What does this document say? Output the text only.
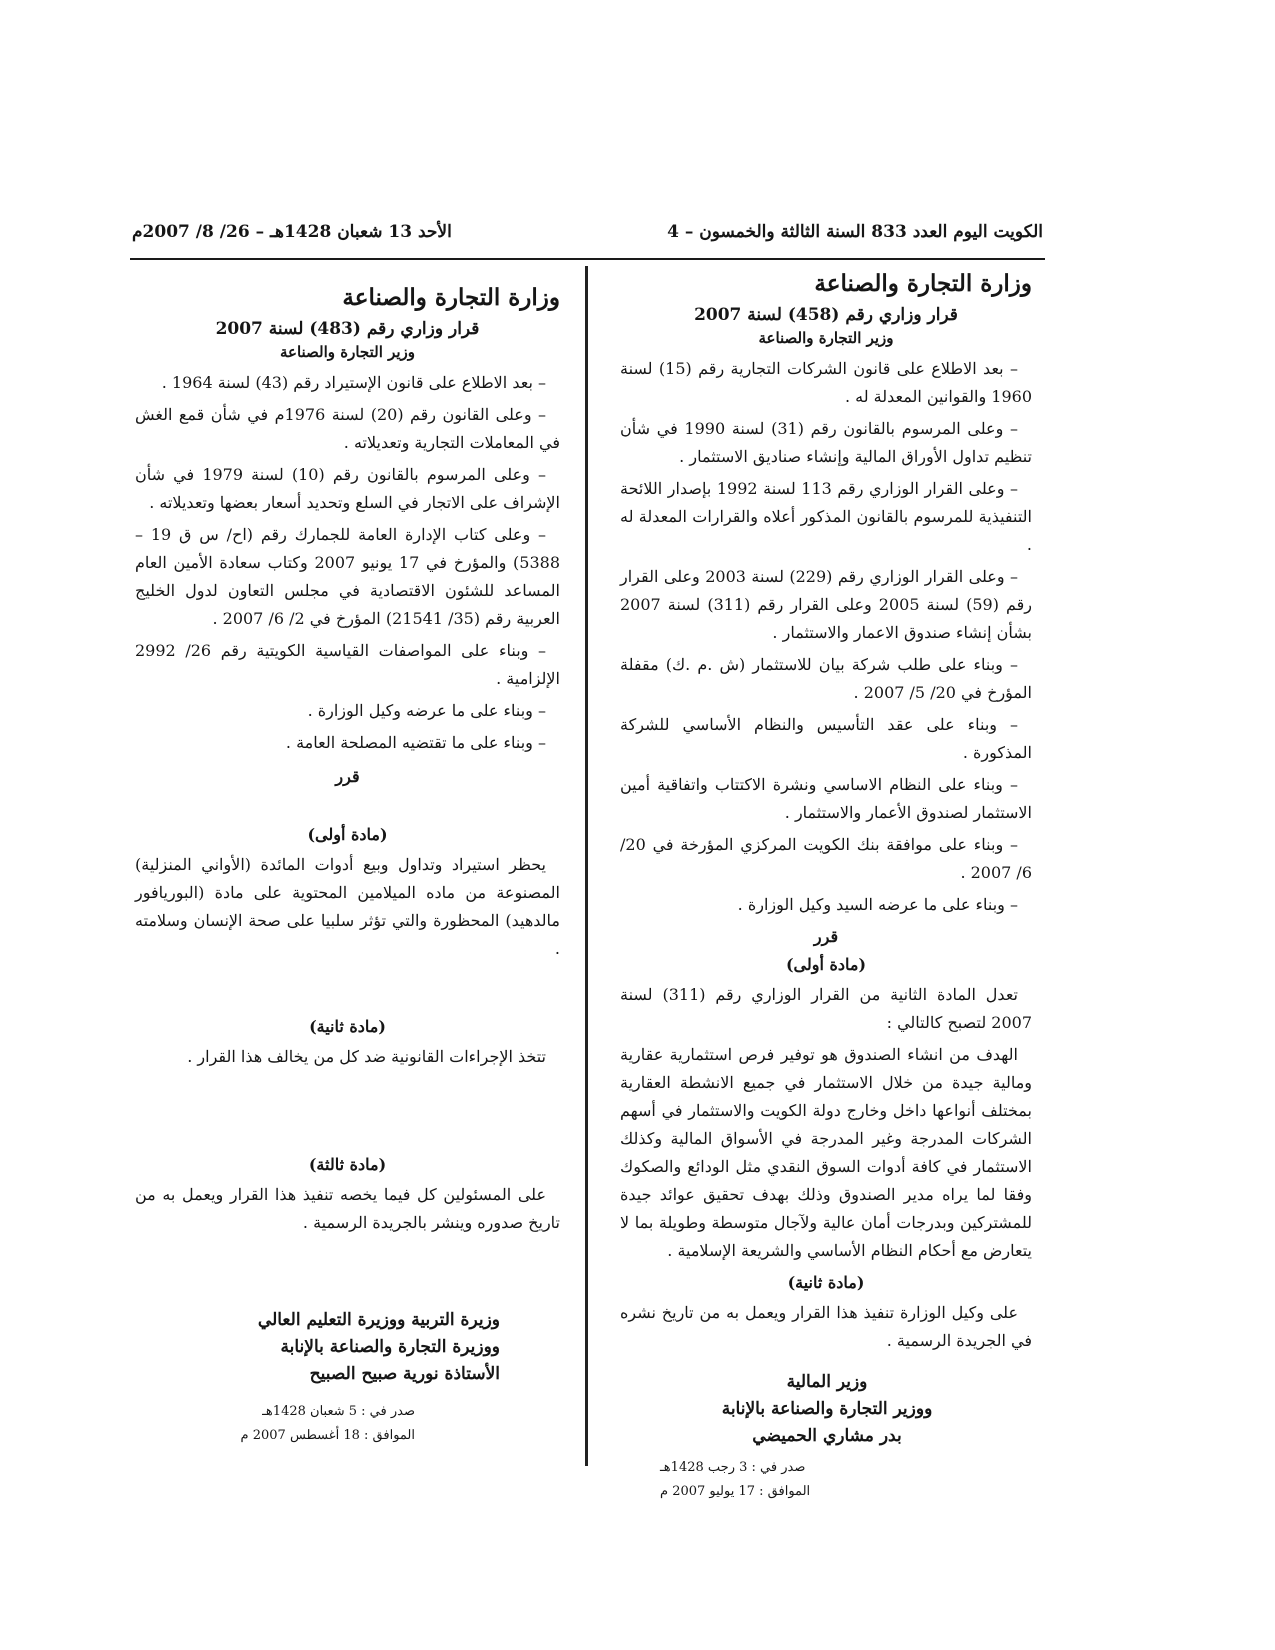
الكويت اليوم العدد 833 السنة الثالثة والخمسون – 4
الأحد 13 شعبان 1428هـ – 26/ 8/ 2007م

وزارة التجارة والصناعة

قرار وزاري رقم (458) لسنة 2007

وزير التجارة والصناعة

– بعد الاطلاع على قانون الشركات التجارية رقم (15) لسنة 1960 والقوانين المعدلة له .

– وعلى المرسوم بالقانون رقم (31) لسنة 1990 في شأن تنظيم تداول الأوراق المالية وإنشاء صناديق الاستثمار .

– وعلى القرار الوزاري رقم 113 لسنة 1992 بإصدار اللائحة التنفيذية للمرسوم بالقانون المذكور أعلاه والقرارات المعدلة له .

– وعلى القرار الوزاري رقم (229) لسنة 2003 وعلى القرار رقم (59) لسنة 2005 وعلى القرار رقم (311) لسنة 2007 بشأن إنشاء صندوق الاعمار والاستثمار .

– وبناء على طلب شركة بيان للاستثمار (ش .م .ك) مقفلة المؤرخ في 20/ 5/ 2007 .

– وبناء على عقد التأسيس والنظام الأساسي للشركة المذكورة .

– وبناء على النظام الاساسي ونشرة الاكتتاب واتفاقية أمين الاستثمار لصندوق الأعمار والاستثمار .

– وبناء على موافقة بنك الكويت المركزي المؤرخة في 20/ 6/ 2007 .

– وبناء على ما عرضه السيد وكيل الوزارة .

قرر

(مادة أولى)

تعدل المادة الثانية من القرار الوزاري رقم (311) لسنة 2007 لتصبح كالتالي :

الهدف من انشاء الصندوق هو توفير فرص استثمارية عقارية ومالية جيدة من خلال الاستثمار في جميع الانشطة العقارية بمختلف أنواعها داخل وخارج دولة الكويت والاستثمار في أسهم الشركات المدرجة وغير المدرجة في الأسواق المالية وكذلك الاستثمار في كافة أدوات السوق النقدي مثل الودائع والصكوك وفقا لما يراه مدير الصندوق وذلك بهدف تحقيق عوائد جيدة للمشتركين وبدرجات أمان عالية ولآجال متوسطة وطويلة بما لا يتعارض مع أحكام النظام الأساسي والشريعة الإسلامية .

(مادة ثانية)

على وكيل الوزارة تنفيذ هذا القرار ويعمل به من تاريخ نشره في الجريدة الرسمية .

وزير المالية

ووزير التجارة والصناعة بالإنابة

بدر مشاري الحميضي

صدر في : 3 رجب 1428هـ

الموافق : 17 يوليو 2007 م

وزارة التجارة والصناعة

قرار وزاري رقم (483) لسنة 2007

وزير التجارة والصناعة

– بعد الاطلاع على قانون الإستيراد رقم (43) لسنة 1964 .

– وعلى القانون رقم (20) لسنة 1976م في شأن قمع الغش في المعاملات التجارية وتعديلاته .

– وعلى المرسوم بالقانون رقم (10) لسنة 1979 في شأن الإشراف على الاتجار في السلع وتحديد أسعار بعضها وتعديلاته .

– وعلى كتاب الإدارة العامة للجمارك رقم (اح/ س ق 19 – 5388) والمؤرخ في 17 يونيو 2007 وكتاب سعادة الأمين العام المساعد للشئون الاقتصادية في مجلس التعاون لدول الخليج العربية رقم (35/ 21541) المؤرخ في 2/ 6/ 2007 .

– وبناء على المواصفات القياسية الكويتية رقم 26/ 2992 الإلزامية .

– وبناء على ما عرضه وكيل الوزارة .

– وبناء على ما تقتضيه المصلحة العامة .

قرر

(مادة أولى)

يحظر استيراد وتداول وبيع أدوات المائدة (الأواني المنزلية) المصنوعة من ماده الميلامين المحتوية على مادة (البوريافور مالدهيد) المحظورة والتي تؤثر سلبيا على صحة الإنسان وسلامته .

(مادة ثانية)

تتخذ الإجراءات القانونية ضد كل من يخالف هذا القرار .

(مادة ثالثة)

على المسئولين كل فيما يخصه تنفيذ هذا القرار ويعمل به من تاريخ صدوره وينشر بالجريدة الرسمية .

وزيرة التربية ووزيرة التعليم العالي

ووزيرة التجارة والصناعة بالإنابة

الأستاذة نورية صبيح الصبيح

صدر في : 5 شعبان 1428هـ

الموافق : 18 أغسطس 2007 م
